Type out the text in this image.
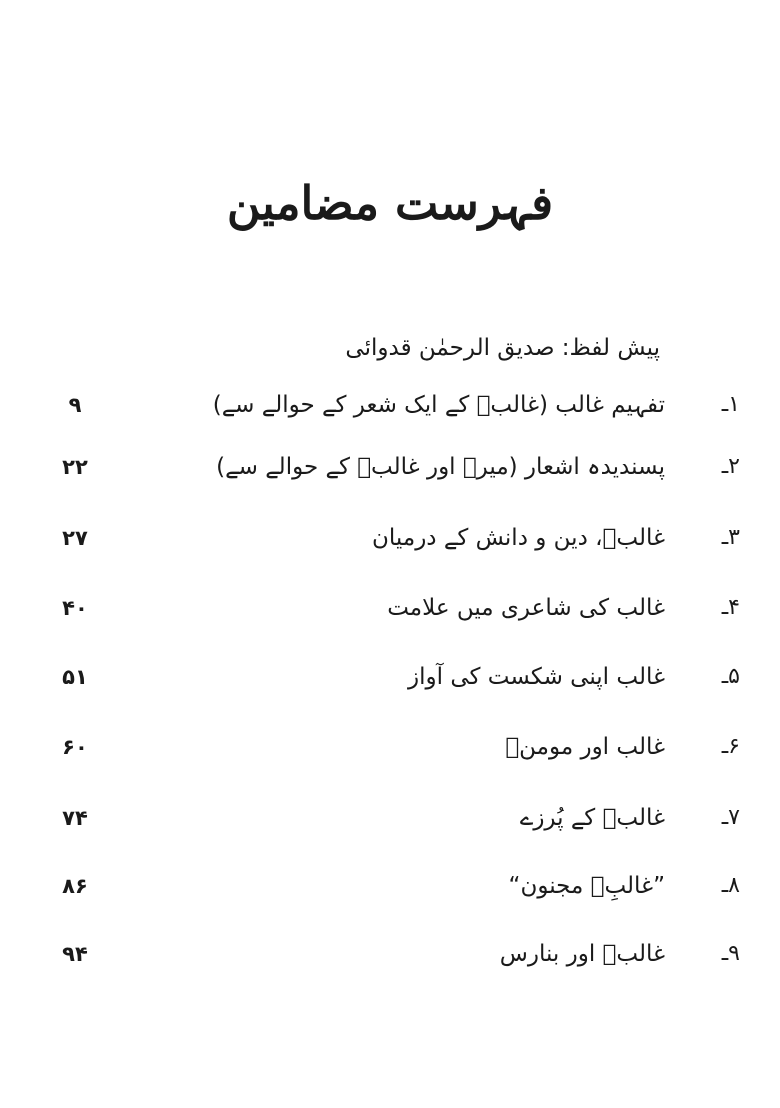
فہرست مضامین
پیش لفظ: صدیق الرحمٰن قدوائی
۱ـ
تفہیم غالب (غالبؔ کے ایک شعر کے حوالے سے)
۹
۲ـ
پسندیدہ اشعار (میرؔ اور غالبؔ کے حوالے سے)
۲۲
۳ـ
غالبؔ، دین و دانش کے درمیان
۲۷
۴ـ
غالب کی شاعری میں علامت
۴۰
۵ـ
غالب اپنی شکست کی آواز
۵۱
۶ـ
غالب اور مومنؔ
۶۰
۷ـ
غالبؔ کے پُرزے
۷۴
۸ـ
”غالبِؔ مجنون“
۸۶
۹ـ
غالبؔ اور بنارس
۹۴
